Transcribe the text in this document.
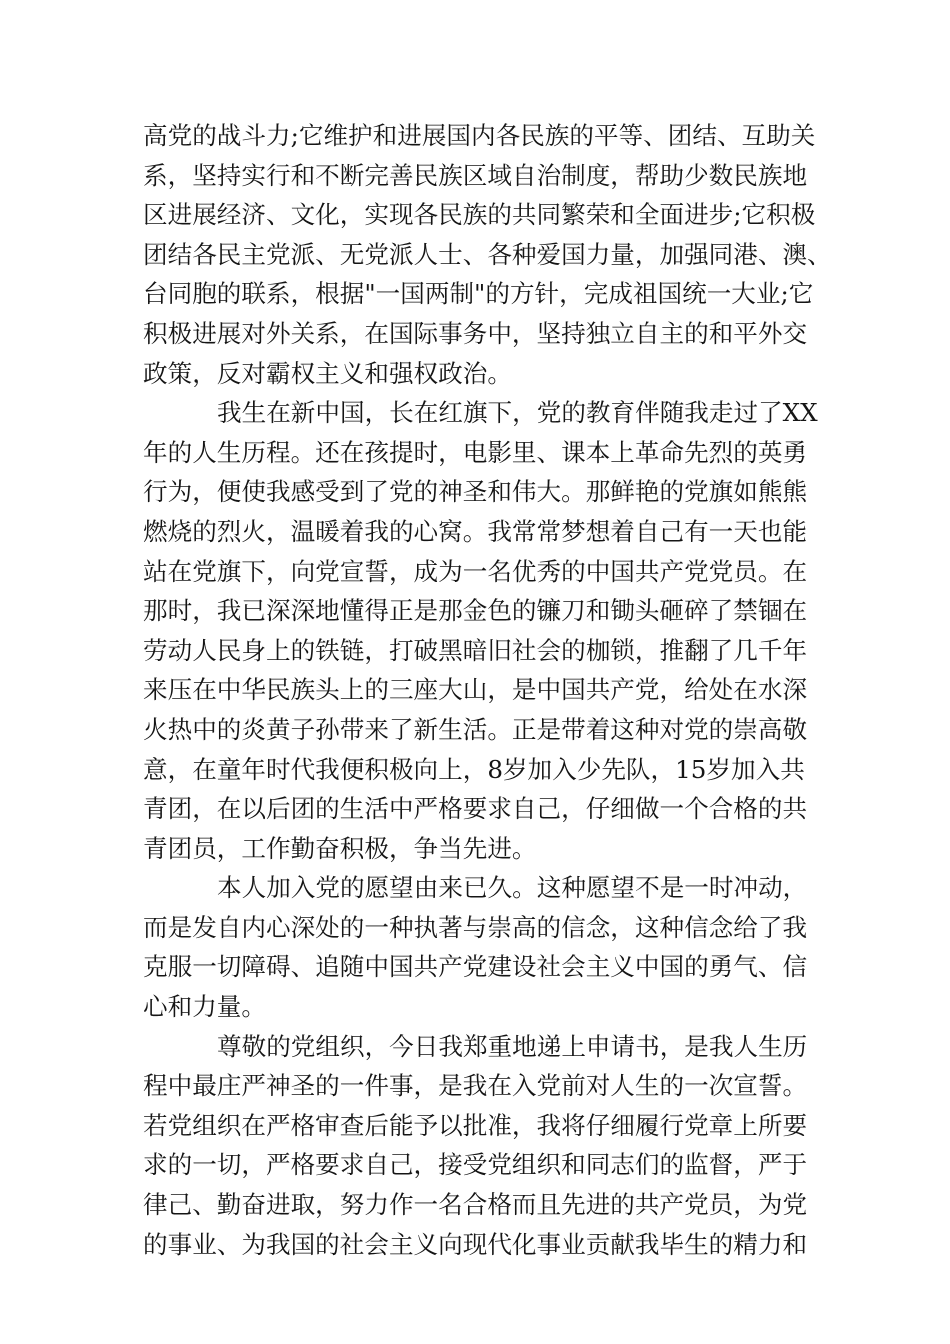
高党的战斗力;它维护和进展国内各民族的平等、团结、互助关
系，坚持实行和不断完善民族区域自治制度，帮助少数民族地
区进展经济、文化，实现各民族的共同繁荣和全面进步;它积极
团结各民主党派、无党派人士、各种爱国力量，加强同港、澳、
台同胞的联系，根据"一国两制"的方针，完成祖国统一大业;它
积极进展对外关系，在国际事务中，坚持独立自主的和平外交
政策，反对霸权主义和强权政治。
我生在新中国，长在红旗下，党的教育伴随我走过了XX
年的人生历程。还在孩提时，电影里、课本上革命先烈的英勇
行为，便使我感受到了党的神圣和伟大。那鲜艳的党旗如熊熊
燃烧的烈火，温暖着我的心窝。我常常梦想着自己有一天也能
站在党旗下，向党宣誓，成为一名优秀的中国共产党党员。在
那时，我已深深地懂得正是那金色的镰刀和锄头砸碎了禁锢在
劳动人民身上的铁链，打破黑暗旧社会的枷锁，推翻了几千年
来压在中华民族头上的三座大山，是中国共产党，给处在水深
火热中的炎黄子孙带来了新生活。正是带着这种对党的崇高敬
意，在童年时代我便积极向上，8岁加入少先队，15岁加入共
青团，在以后团的生活中严格要求自己，仔细做一个合格的共
青团员，工作勤奋积极，争当先进。
本人加入党的愿望由来已久。这种愿望不是一时冲动，
而是发自内心深处的一种执著与崇高的信念，这种信念给了我
克服一切障碍、追随中国共产党建设社会主义中国的勇气、信
心和力量。
尊敬的党组织，今日我郑重地递上申请书，是我人生历
程中最庄严神圣的一件事，是我在入党前对人生的一次宣誓。
若党组织在严格审查后能予以批准，我将仔细履行党章上所要
求的一切，严格要求自己，接受党组织和同志们的监督，严于
律己、勤奋进取，努力作一名合格而且先进的共产党员，为党
的事业、为我国的社会主义向现代化事业贡献我毕生的精力和
